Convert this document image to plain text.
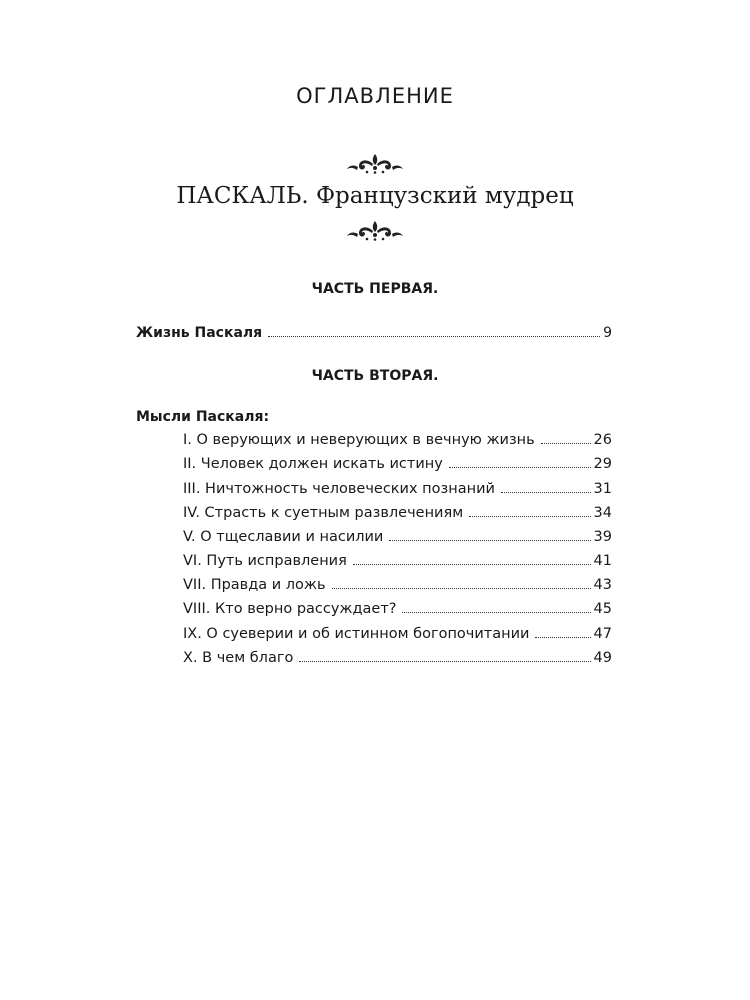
ОГЛАВЛЕНИЕ
ПАСКАЛЬ. Французский мудрец
ЧАСТЬ ПЕРВАЯ.
Жизнь Паскаля	9
ЧАСТЬ ВТОРАЯ.
Мысли Паскаля:
I. О верующих и неверующих в вечную жизнь	26
II. Человек должен искать истину	29
III. Ничтожность человеческих познаний	31
IV. Страсть к суетным развлечениям	34
V. О тщеславии и насилии	39
VI. Путь исправления	41
VII. Правда и ложь	43
VIII. Кто верно рассуждает?	45
IX. О суеверии и об истинном богопочитании	47
X. В чем благо	49
